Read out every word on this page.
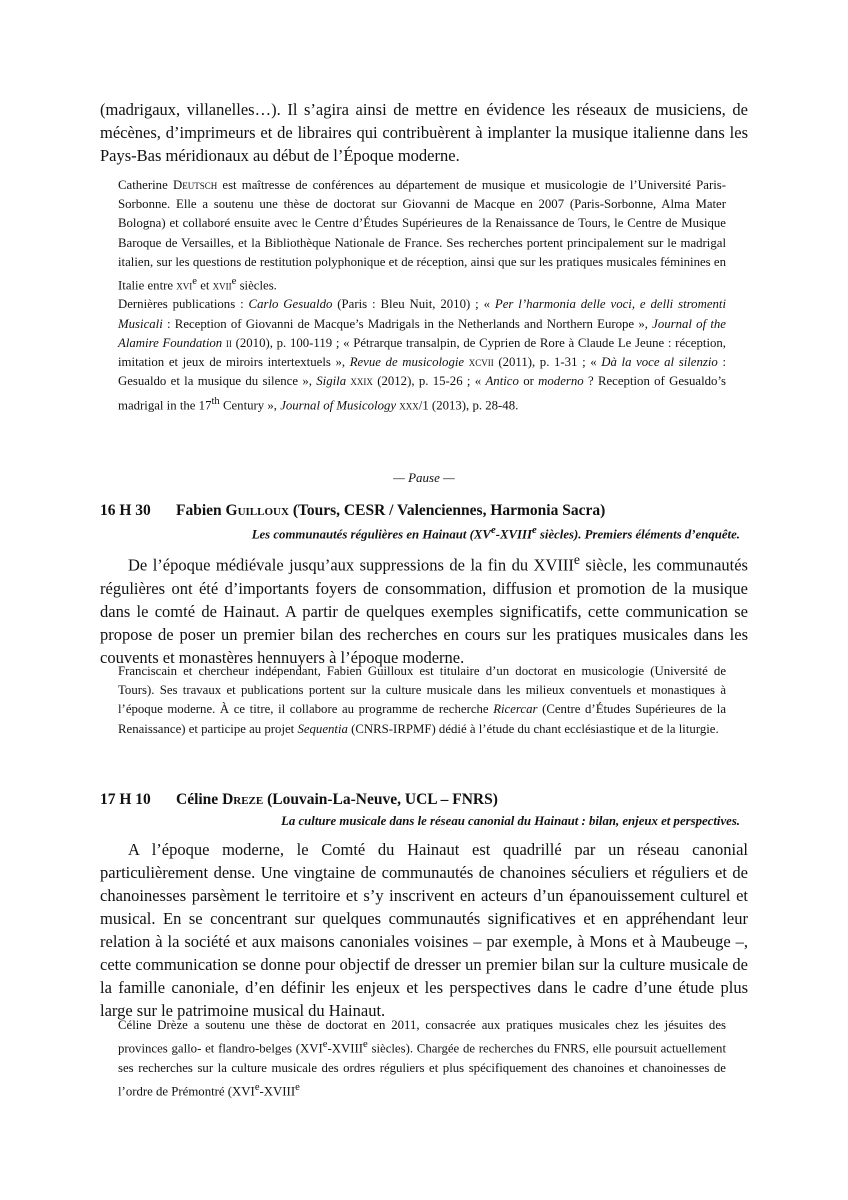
(madrigaux, villanelles…). Il s’agira ainsi de mettre en évidence les réseaux de musiciens, de mécènes, d’imprimeurs et de libraires qui contribuèrent à implanter la musique italienne dans les Pays-Bas méridionaux au début de l’Époque moderne.

Catherine Deutsch est maîtresse de conférences au département de musique et musicologie de l’Université Paris-Sorbonne. Elle a soutenu une thèse de doctorat sur Giovanni de Macque en 2007 (Paris-Sorbonne, Alma Mater Bologna) et collaboré ensuite avec le Centre d’Études Supérieures de la Renaissance de Tours, le Centre de Musique Baroque de Versailles, et la Bibliothèque Nationale de France. Ses recherches portent principalement sur le madrigal italien, sur les questions de restitution polyphonique et de réception, ainsi que sur les pratiques musicales féminines en Italie entre xvi$^e$ et xvii$^e$ siècles.
Dernières publications : Carlo Gesualdo (Paris : Bleu Nuit, 2010) ; « Per l’harmonia delle voci, e delli stromenti Musicali : Reception of Giovanni de Macque’s Madrigals in the Netherlands and Northern Europe », Journal of the Alamire Foundation ii (2010), p. 100-119 ; « Pétrarque transalpin, de Cyprien de Rore à Claude Le Jeune : réception, imitation et jeux de miroirs intertextuels », Revue de musicologie xcvii (2011), p. 1-31 ; « Dà la voce al silenzio : Gesualdo et la musique du silence », Sigila xxix (2012), p. 15-26 ; « Antico or moderno ? Reception of Gesualdo’s madrigal in the 17th Century », Journal of Musicology xxx/1 (2013), p. 28-48.

— Pause —

16 H 30 Fabien Guilloux (Tours, CESR / Valenciennes, Harmonia Sacra)

Les communautés régulières en Hainaut (XVe-XVIIIe siècles). Premiers éléments d’enquête.

De l’époque médiévale jusqu’aux suppressions de la fin du XVIIIe siècle, les communautés régulières ont été d’importants foyers de consommation, diffusion et promotion de la musique dans le comté de Hainaut. A partir de quelques exemples significatifs, cette communication se propose de poser un premier bilan des recherches en cours sur les pratiques musicales dans les couvents et monastères hennuyers à l’époque moderne.

Franciscain et chercheur indépendant, Fabien Guilloux est titulaire d’un doctorat en musicologie (Université de Tours). Ses travaux et publications portent sur la culture musicale dans les milieux conventuels et monastiques à l’époque moderne. À ce titre, il collabore au programme de recherche Ricercar (Centre d’Études Supérieures de la Renaissance) et participe au projet Sequentia (CNRS-IRPMF) dédié à l’étude du chant ecclésiastique et de la liturgie.

17 H 10 Céline Dreze (Louvain-La-Neuve, UCL – FNRS)

La culture musicale dans le réseau canonial du Hainaut : bilan, enjeux et perspectives.

A l’époque moderne, le Comté du Hainaut est quadrillé par un réseau canonial particulièrement dense. Une vingtaine de communautés de chanoines séculiers et réguliers et de chanoinesses parsèment le territoire et s’y inscrivent en acteurs d’un épanouissement culturel et musical. En se concentrant sur quelques communautés significatives et en appréhendant leur relation à la société et aux maisons canoniales voisines – par exemple, à Mons et à Maubeuge –, cette communication se donne pour objectif de dresser un premier bilan sur la culture musicale de la famille canoniale, d’en définir les enjeux et les perspectives dans le cadre d’une étude plus large sur le patrimoine musical du Hainaut.

Céline Drèze a soutenu une thèse de doctorat en 2011, consacrée aux pratiques musicales chez les jésuites des provinces gallo- et flandro-belges (XVIe-XVIIIe siècles). Chargée de recherches du FNRS, elle poursuit actuellement ses recherches sur la culture musicale des ordres réguliers et plus spécifiquement des chanoines et chanoinesses de l’ordre de Prémontré (XVIe-XVIIIe
